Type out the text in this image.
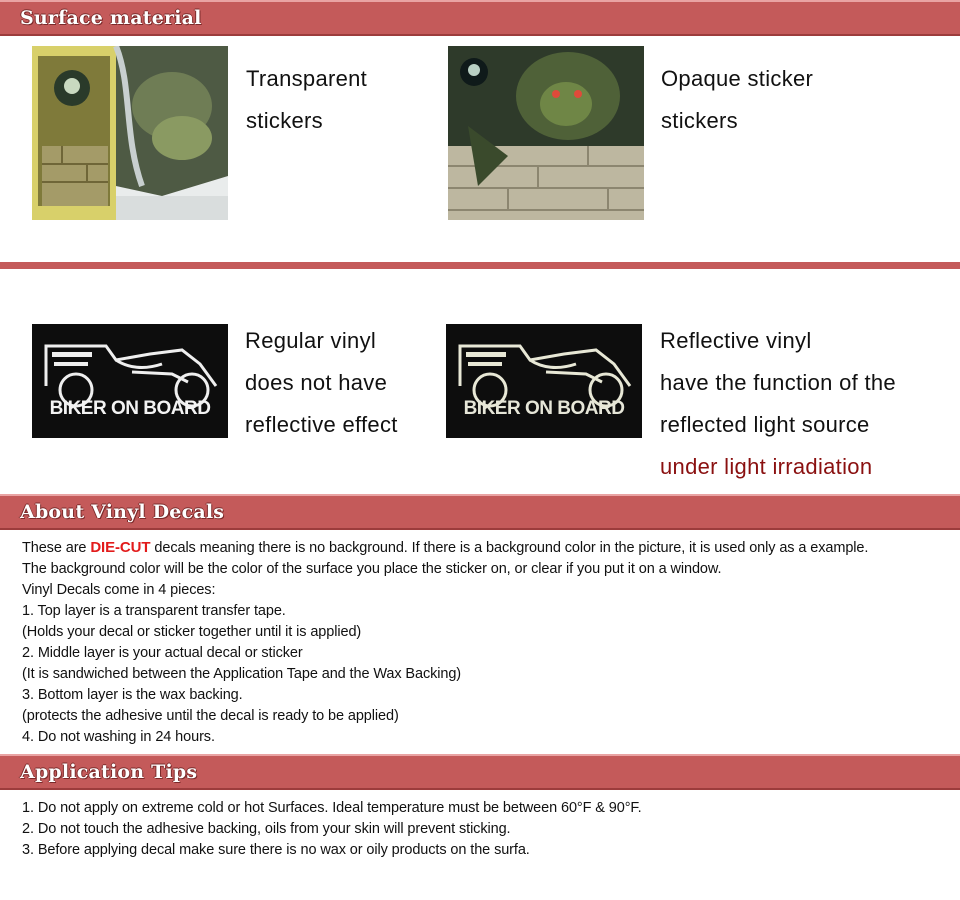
Surface material
Transparent
stickers
Opaque sticker
stickers
BIKER ON BOARD
Regular vinyl
does not have
reflective effect
BIKER ON BOARD
Reflective vinyl
have the function of the
reflected light source
under light irradiation
About Vinyl Decals
These are DIE-CUT decals meaning there is no background. If there is a background color in the picture, it is used only as a example.
The background color will be the color of the surface you place the sticker on, or clear if you put it on a window.
Vinyl Decals come in 4 pieces:
1. Top layer is a transparent transfer tape.
(Holds your decal or sticker together until it is applied)
2. Middle layer is your actual decal or sticker
(It is sandwiched between the Application Tape and the Wax Backing)
3. Bottom layer is the wax backing.
(protects the adhesive until the decal is ready to be applied)
4. Do not washing in 24 hours.
Application Tips
1. Do not apply on extreme cold or hot Surfaces. Ideal temperature must be between 60°F & 90°F.
2. Do not touch the adhesive backing, oils from your skin will prevent sticking.
3. Before applying decal make sure there is no wax or oily products on the surfa.
